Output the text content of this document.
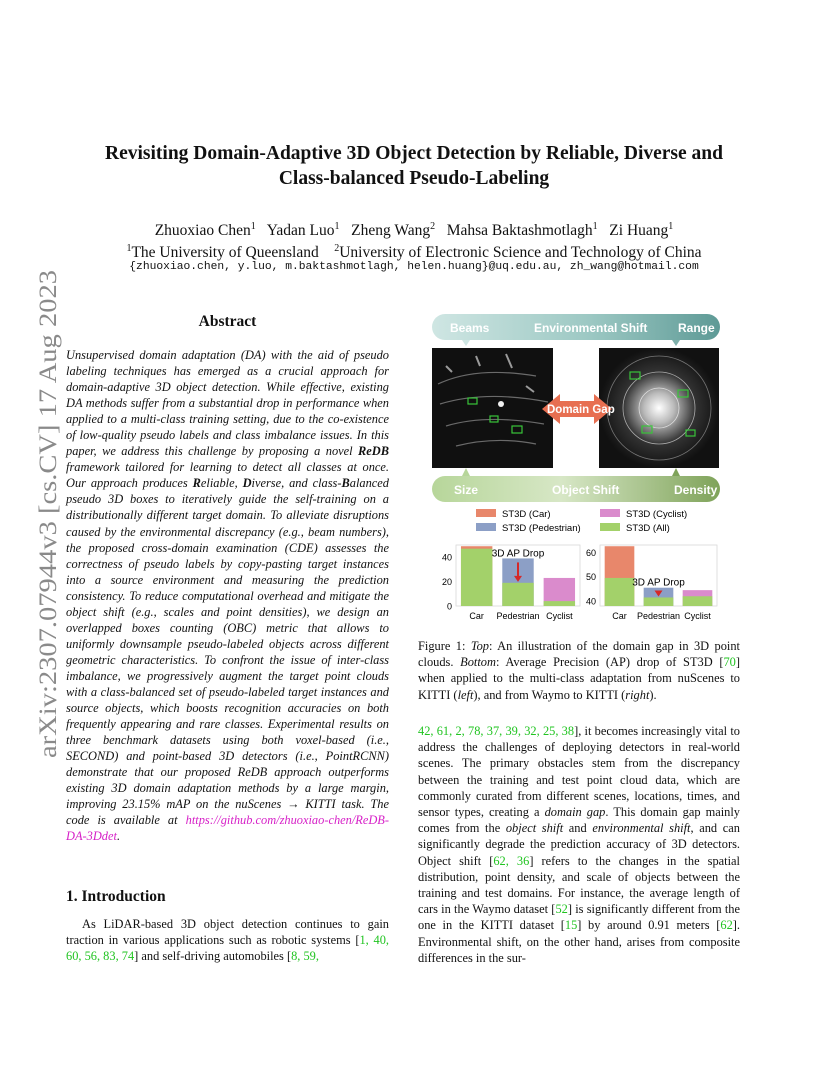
arXiv:2307.07944v3 [cs.CV] 17 Aug 2023
Revisiting Domain-Adaptive 3D Object Detection by Reliable, Diverse and
Class-balanced Pseudo-Labeling
Zhuoxiao Chen$^1$ Yadan Luo$^1$ Zheng Wang$^2$ Mahsa Baktashmotlagh$^1$ Zi Huang$^1$
$^1$The University of Queensland $^2$University of Electronic Science and Technology of China
{zhuoxiao.chen, y.luo, m.baktashmotlagh, helen.huang}@uq.edu.au, zh_wang@hotmail.com
Abstract
Unsupervised domain adaptation (DA) with the aid of pseudo labeling techniques has emerged as a crucial approach for domain-adaptive 3D object detection. While effective, existing DA methods suffer from a substantial drop in performance when applied to a multi-class training setting, due to the co-existence of low-quality pseudo labels and class imbalance issues. In this paper, we address this challenge by proposing a novel ReDB framework tailored for learning to detect all classes at once. Our approach produces Reliable, Diverse, and class-Balanced pseudo 3D boxes to iteratively guide the self-training on a distributionally different target domain. To alleviate disruptions caused by the environmental discrepancy (e.g., beam numbers), the proposed cross-domain examination (CDE) assesses the correctness of pseudo labels by copy-pasting target instances into a source environment and measuring the prediction consistency. To reduce computational overhead and mitigate the object shift (e.g., scales and point densities), we design an overlapped boxes counting (OBC) metric that allows to uniformly downsample pseudo-labeled objects across different geometric characteristics. To confront the issue of inter-class imbalance, we progressively augment the target point clouds with a class-balanced set of pseudo-labeled target instances and source objects, which boosts recognition accuracies on both frequently appearing and rare classes. Experimental results on three benchmark datasets using both voxel-based (i.e., SECOND) and point-based 3D detectors (i.e., PointRCNN) demonstrate that our proposed ReDB approach outperforms existing 3D domain adaptation methods by a large margin, improving 23.15% mAP on the nuScenes → KITTI task. The code is available at https://github.com/zhuoxiao-chen/ReDB-DA-3Ddet.
1. Introduction

As LiDAR-based 3D object detection continues to gain traction in various applications such as robotic systems [1, 40, 60, 56, 83, 74] and self-driving automobiles [8, 59,

Beams	Environmental Shift	Range
Domain Gap
Size	Object Shift	Density
ST3D (Car)	ST3D (Cyclist)
ST3D (Pedestrian)	ST3D (All)
0
20
40
Car Pedestrian Cyclist
3D AP Drop
40
50
60
Car Pedestrian Cyclist
3D AP Drop
Figure 1: Top: An illustration of the domain gap in 3D point clouds. Bottom: Average Precision (AP) drop of ST3D [70] when applied to the multi-class adaptation from nuScenes to KITTI (left), and from Waymo to KITTI (right).

42, 61, 2, 78, 37, 39, 32, 25, 38], it becomes increasingly vital to address the challenges of deploying detectors in real-world scenes. The primary obstacles stem from the discrepancy between the training and test point cloud data, which are commonly curated from different scenes, locations, times, and sensor types, creating a domain gap. This domain gap mainly comes from the object shift and environmental shift, and can significantly degrade the prediction accuracy of 3D detectors. Object shift [62, 36] refers to the changes in the spatial distribution, point density, and scale of objects between the training and test domains. For instance, the average length of cars in the Waymo dataset [52] is significantly different from the one in the KITTI dataset [15] by around 0.91 meters [62]. Environmental shift, on the other hand, arises from composite differences in the sur-
